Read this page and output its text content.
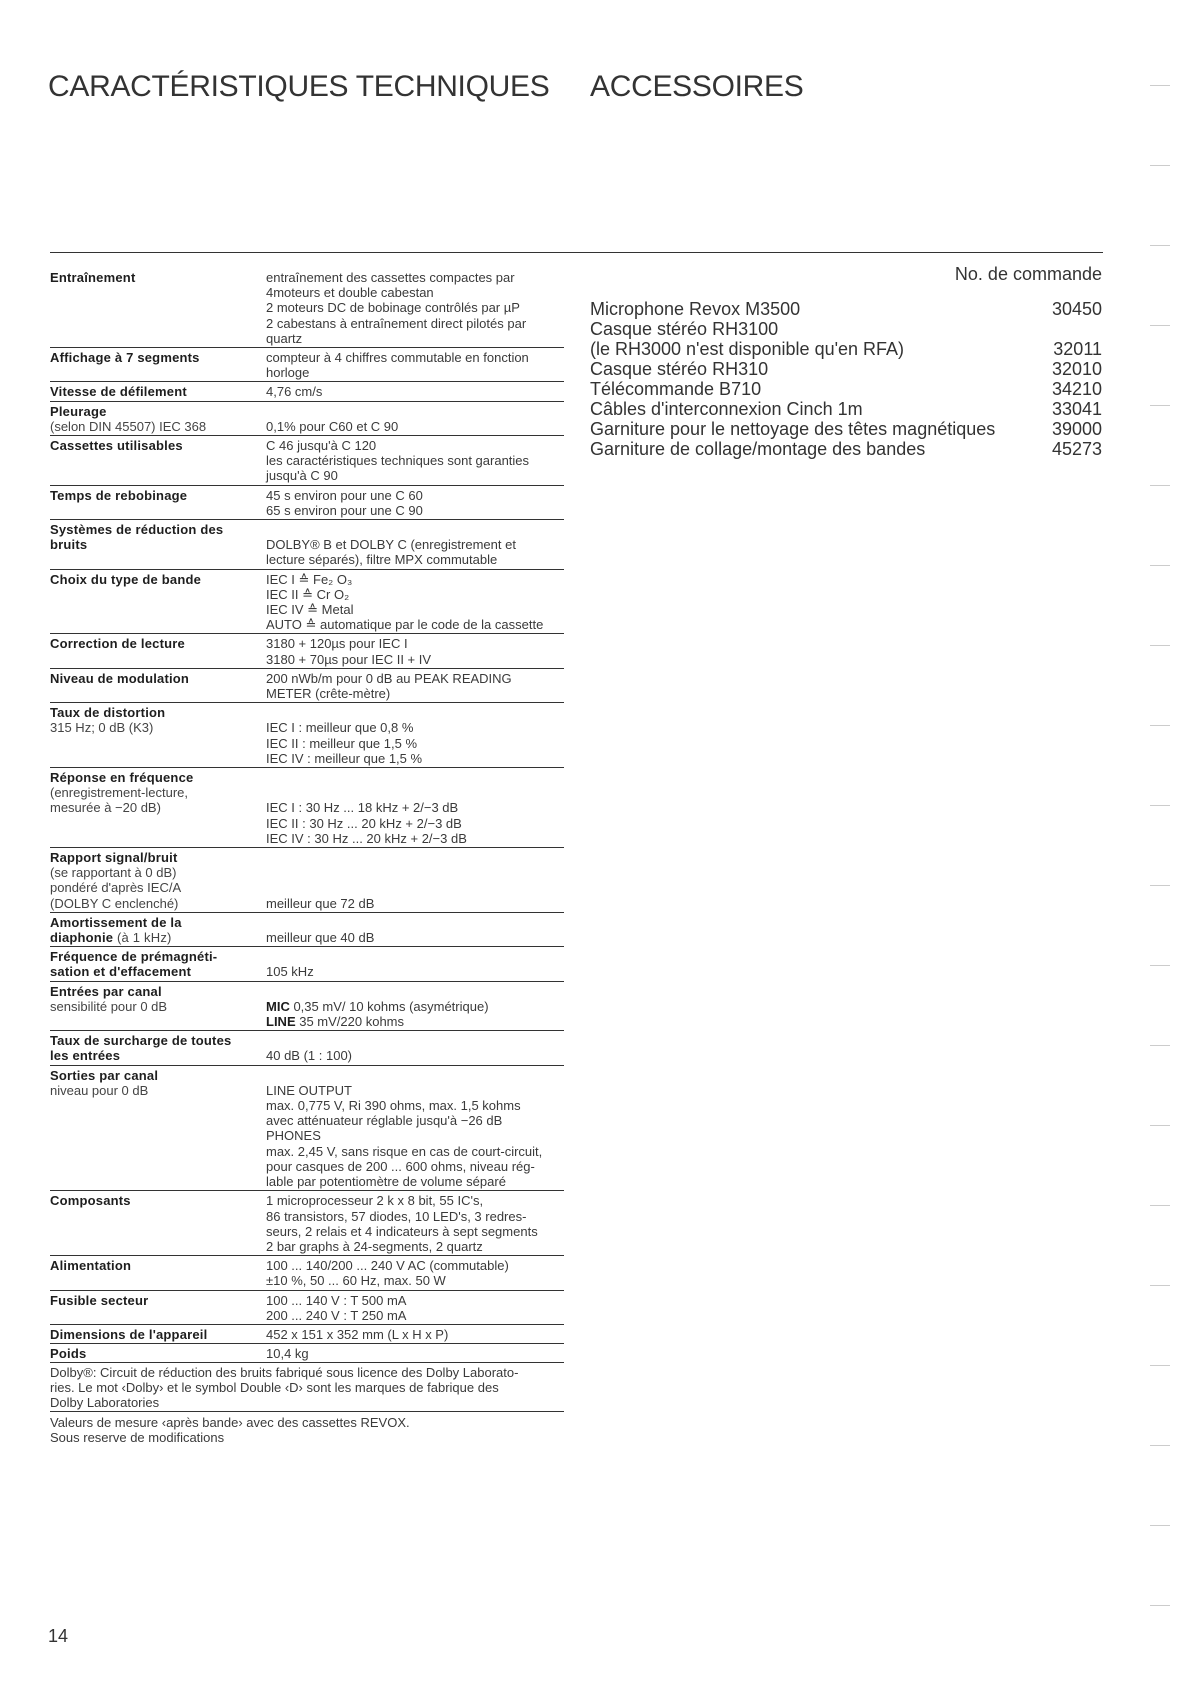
CARACTÉRISTIQUES TECHNIQUES ACCESSOIRES
Entraînement	entraînement des cassettes compactes par
4moteurs et double cabestan
2 moteurs DC de bobinage contrôlés par µP
2 cabestans à entraînement direct pilotés par
quartz
Affichage à 7 segments	compteur à 4 chiffres commutable en fonction
horloge
Vitesse de défilement	4,76 cm/s
Pleurage
(selon DIN 45507) IEC 368	0,1% pour C60 et C 90
Cassettes utilisables	C 46 jusqu'à C 120
les caractéristiques techniques sont garanties
jusqu'à C 90
Temps de rebobinage	45 s environ pour une C 60
65 s environ pour une C 90
Systèmes de réduction des bruits	DOLBY® B et DOLBY C (enregistrement et
lecture séparés), filtre MPX commutable
Choix du type de bande	IEC I ≙ Fe₂ O₃
IEC II ≙ Cr O₂
IEC IV ≙ Metal
AUTO ≙ automatique par le code de la cassette
Correction de lecture	3180 + 120µs pour IEC I
3180 + 70µs pour IEC II + IV
Niveau de modulation	200 nWb/m pour 0 dB au PEAK READING
METER (crête-mètre)
Taux de distortion
315 Hz; 0 dB (K3)	IEC I : meilleur que 0,8 %
IEC II : meilleur que 1,5 %
IEC IV : meilleur que 1,5 %
Réponse en fréquence
(enregistrement-lecture,
mesurée à −20 dB)	IEC I : 30 Hz ... 18 kHz + 2/−3 dB
IEC II : 30 Hz ... 20 kHz + 2/−3 dB
IEC IV : 30 Hz ... 20 kHz + 2/−3 dB
Rapport signal/bruit
(se rapportant à 0 dB)
pondéré d'après IEC/A
(DOLBY C enclenché)	meilleur que 72 dB
Amortissement de la
diaphonie (à 1 kHz)	meilleur que 40 dB
Fréquence de prémagnéti-
sation et d'effacement	105 kHz
Entrées par canal
sensibilité pour 0 dB	MIC 0,35 mV/ 10 kohms (asymétrique)
LINE 35 mV/220 kohms
Taux de surcharge de toutes
les entrées	40 dB (1 : 100)
Sorties par canal
niveau pour 0 dB	LINE OUTPUT
max. 0,775 V, Ri 390 ohms, max. 1,5 kohms
avec atténuateur réglable jusqu'à −26 dB
PHONES
max. 2,45 V, sans risque en cas de court-circuit,
pour casques de 200 ... 600 ohms, niveau rég-
lable par potentiomètre de volume séparé
Composants	1 microprocesseur 2 k x 8 bit, 55 IC's,
86 transistors, 57 diodes, 10 LED's, 3 redres-
seurs, 2 relais et 4 indicateurs à sept segments
2 bar graphs à 24-segments, 2 quartz
Alimentation	100 ... 140/200 ... 240 V AC (commutable)
±10 %, 50 ... 60 Hz, max. 50 W
Fusible secteur	100 ... 140 V : T 500 mA
200 ... 240 V : T 250 mA
Dimensions de l'appareil	452 x 151 x 352 mm (L x H x P)
Poids	10,4 kg
Dolby®: Circuit de réduction des bruits fabriqué sous licence des Dolby Laborato-
ries. Le mot ‹Dolby› et le symbol Double ‹D› sont les marques de fabrique des
Dolby Laboratories
Valeurs de mesure ‹après bande› avec des cassettes REVOX.
Sous reserve de modifications
No. de commande
Microphone Revox M3500	30450
Casque stéréo RH3100
(le RH3000 n'est disponible qu'en RFA)	32011
Casque stéréo RH310	32010
Télécommande B710	34210
Câbles d'interconnexion Cinch 1m	33041
Garniture pour le nettoyage des têtes magnétiques	39000
Garniture de collage/montage des bandes	45273
14
